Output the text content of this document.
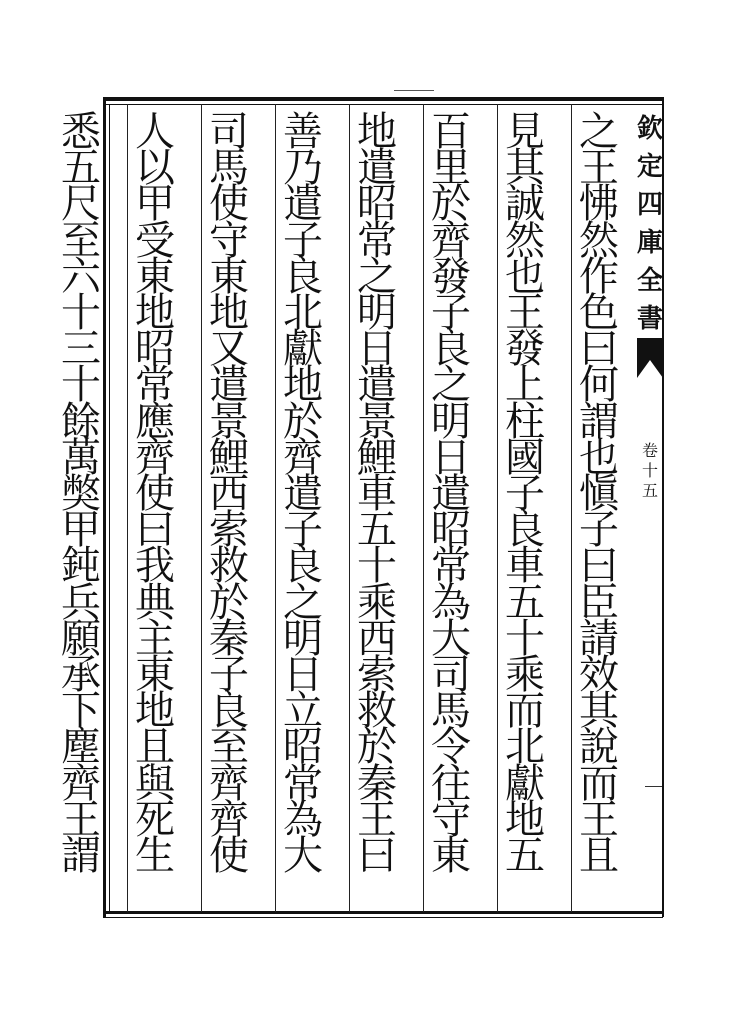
之
王
怫
然
作
色
曰
何
謂
也
愼
子
曰
臣
請
效
其
說
而
王
且
見
其
誠
然
也
王
發
上
柱
國
子
良
車
五
十
乘
而
北
獻
地
五
百
里
於
齊
發
子
良
之
明
日
遣
昭
常
為
大
司
馬
令
往
守
東
地
遣
昭
常
之
明
日
遣
景
鯉
車
五
十
乘
西
索
救
於
秦
王
曰
善
乃
遣
子
良
北
獻
地
於
齊
遣
子
良
之
明
日
立
昭
常
為
大
司
馬
使
守
東
地
又
遣
景
鯉
西
索
救
於
秦
子
良
至
齊
齊
使
人
以
甲
受
東
地
昭
常
應
齊
使
曰
我
典
主
東
地
且
與
死
生
悉
五
尺
至
六
十
三
十
餘
萬
獘
甲
鈍
兵
願
承
下
塵
齊
王
謂
欽
定
四
庫
全
書
卷
十
五
